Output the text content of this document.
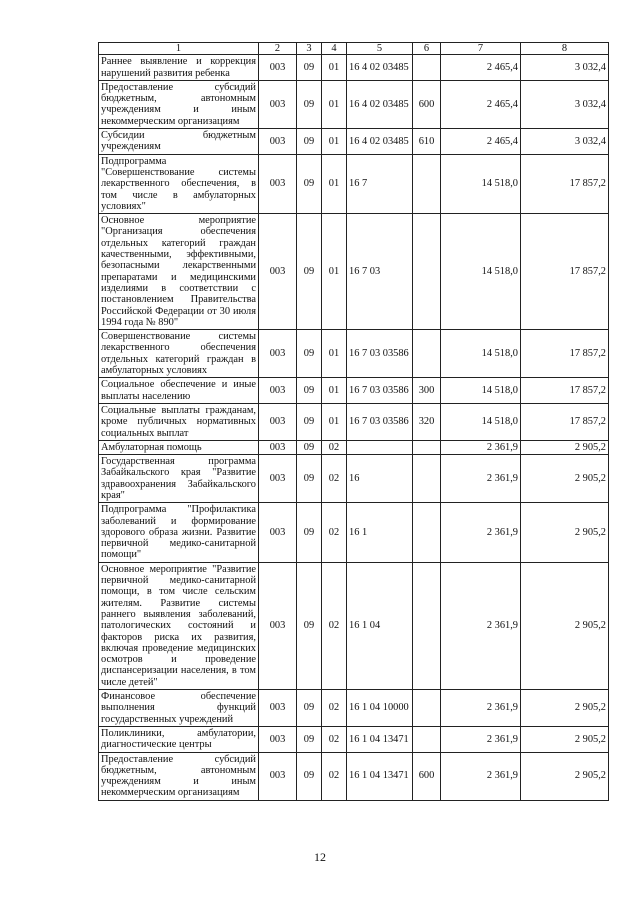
1	2	3	4	5	6	7	8
Раннее выявление и коррекция нарушений развития ребенка	003	09	01	16 4 02 03485		2 465,4	3 032,4
Предоставление субсидий бюджетным, автономным учреждениям и иным некоммерческим организациям	003	09	01	16 4 02 03485	600	2 465,4	3 032,4
Субсидии бюджетным учреждениям	003	09	01	16 4 02 03485	610	2 465,4	3 032,4
Подпрограмма "Совершенствование системы лекарственного обеспечения, в том числе в амбулаторных условиях"	003	09	01	16 7		14 518,0	17 857,2
Основное мероприятие "Организация обеспечения отдельных категорий граждан качественными, эффективными, безопасными лекарственными препаратами и медицинскими изделиями в соответствии с постановлением Правительства Российской Федерации от 30 июля 1994 года № 890"	003	09	01	16 7 03		14 518,0	17 857,2
Совершенствование системы лекарственного обеспечения отдельных категорий граждан в амбулаторных условиях	003	09	01	16 7 03 03586		14 518,0	17 857,2
Социальное обеспечение и иные выплаты населению	003	09	01	16 7 03 03586	300	14 518,0	17 857,2
Социальные выплаты гражданам, кроме публичных нормативных социальных выплат	003	09	01	16 7 03 03586	320	14 518,0	17 857,2
Амбулаторная помощь	003	09	02			2 361,9	2 905,2
Государственная программа Забайкальского края "Развитие здравоохранения Забайкальского края"	003	09	02	16		2 361,9	2 905,2
Подпрограмма "Профилактика заболеваний и формирование здорового образа жизни. Развитие первичной медико-санитарной помощи"	003	09	02	16 1		2 361,9	2 905,2
Основное мероприятие "Развитие первичной медико-санитарной помощи, в том числе сельским жителям. Развитие системы раннего выявления заболеваний, патологических состояний и факторов риска их развития, включая проведение медицинских осмотров и проведение диспансеризации населения, в том числе детей"	003	09	02	16 1 04		2 361,9	2 905,2
Финансовое обеспечение выполнения функций государственных учреждений	003	09	02	16 1 04 10000		2 361,9	2 905,2
Поликлиники, амбулатории, диагностические центры	003	09	02	16 1 04 13471		2 361,9	2 905,2
Предоставление субсидий бюджетным, автономным учреждениям и иным некоммерческим организациям	003	09	02	16 1 04 13471	600	2 361,9	2 905,2
12
